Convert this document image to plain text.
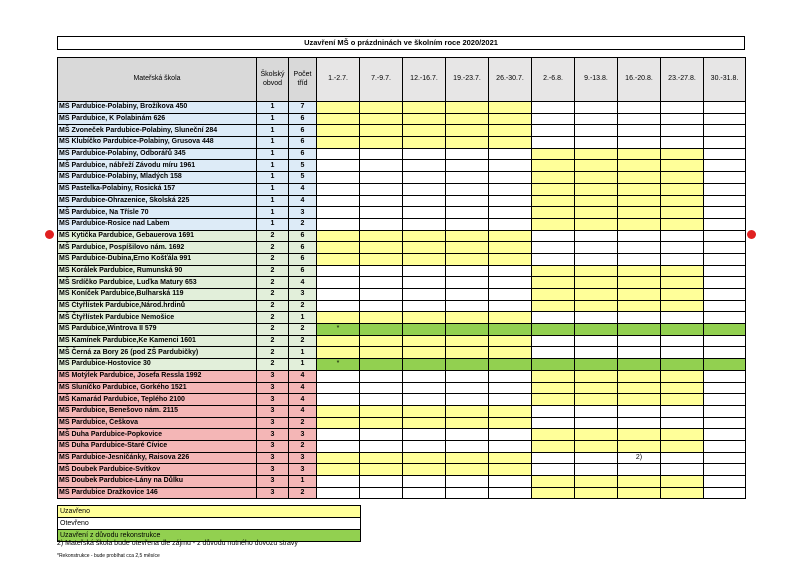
Uzavření MŠ o prázdninách ve školním roce 2020/2021
Mateřská škola	Školský obvod	Počet tříd	1.-2.7.	7.-9.7.	12.-16.7.	19.-23.7.	26.-30.7.	2.-6.8.	9.-13.8.	16.-20.8.	23.-27.8.	30.-31.8.
MŠ Pardubice-Polabiny, Brožíkova 450	1	7										
MŠ Pardubice, K Polabinám 626	1	6										
MŠ Zvoneček Pardubice-Polabiny, Sluneční 284	1	6										
MŠ Klubíčko Pardubice-Polabiny, Grusova 448	1	6										
MŠ Pardubice-Polabiny, Odborářů 345	1	6										
MŠ Pardubice, nábřeží Závodu míru 1961	1	5										
MŠ Pardubice-Polabiny, Mladých 158	1	5										
MŠ Pastelka-Polabiny, Rosická 157	1	4										
MŠ Pardubice-Ohrazenice, Školská 225	1	4										
MŠ Pardubice, Na Třísle 70	1	3										
MŠ Pardubice-Rosice nad Labem	1	2										
MŠ Kytička Pardubice, Gebauerova 1691	2	6										
MŠ Pardubice, Pospíšilovo nám. 1692	2	6										
MŠ Pardubice-Dubina,Erno Košťála 991	2	6										
MŠ Korálek Pardubice, Rumunská 90	2	6										
MŠ Srdíčko Pardubice, Luďka Matury 653	2	4										
MŠ Koníček Pardubice,Bulharská 119	2	3										
MŠ Čtyřlístek Pardubice,Národ.hrdinů	2	2										
MŠ Čtyřlístek Pardubice Nemošice	2	1										
MŠ Pardubice,Wintrova II 579	2	2	*									
MŠ Kamínek Pardubice,Ke Kamenci 1601	2	2										
MŠ Černá za Bory 26 (pod ZŠ Pardubičky)	2	1										
MŠ Pardubice-Hostovice 30	2	1	*									
MŠ Motýlek Pardubice, Josefa Ressla 1992	3	4										
MŠ Sluníčko Pardubice, Gorkého 1521	3	4										
MŠ Kamarád Pardubice, Teplého 2100	3	4										
MŠ Pardubice, Benešovo nám. 2115	3	4										
MŠ Pardubice, Češkova	3	2										
MŠ Duha Pardubice-Popkovice	3	3										
MŠ Duha Pardubice-Staré Čívice	3	2										
MŠ Pardubice-Jesničánky, Raisova 226	3	3								2)		
MŠ Doubek Pardubice-Svítkov	3	3										
MŠ Doubek Pardubice-Lány na Důlku	3	1										
MŠ Pardubice Dražkovice 146	3	2										
Uzavřeno
Otevřeno
Uzavření z důvodu rekonstrukce
2) Mateřská škola bude otevřena dle zájmu - z důvodu nutného dovozu stravy
*Rekonstrukce - bude probíhat cca 2,5 měsíce
